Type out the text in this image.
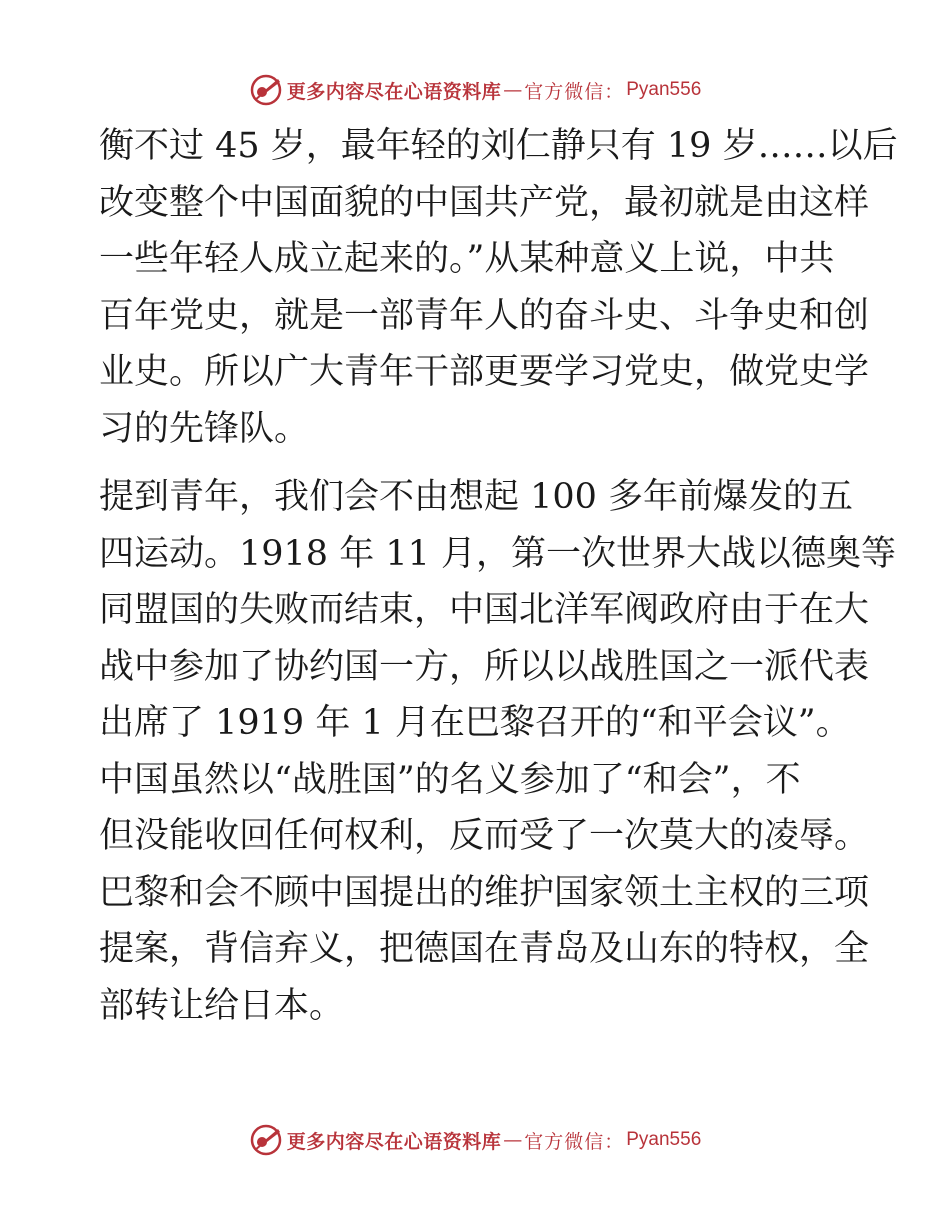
更多内容尽在心语资料库 — 官方微信： Pyan556

衡不过 45 岁，最年轻的刘仁静只有 19 岁……以后
改变整个中国面貌的中国共产党，最初就是由这样
一些年轻人成立起来的。”从某种意义上说，中共
百年党史，就是一部青年人的奋斗史、斗争史和创
业史。所以广大青年干部更要学习党史，做党史学
习的先锋队。

提到青年，我们会不由想起 100 多年前爆发的五
四运动。1918 年 11 月，第一次世界大战以德奥等
同盟国的失败而结束，中国北洋军阀政府由于在大
战中参加了协约国一方，所以以战胜国之一派代表
出席了 1919 年 1 月在巴黎召开的“和平会议”。
中国虽然以“战胜国”的名义参加了“和会”，不
但没能收回任何权利，反而受了一次莫大的凌辱。
巴黎和会不顾中国提出的维护国家领土主权的三项
提案，背信弃义，把德国在青岛及山东的特权，全
部转让给日本。

更多内容尽在心语资料库 — 官方微信： Pyan556
